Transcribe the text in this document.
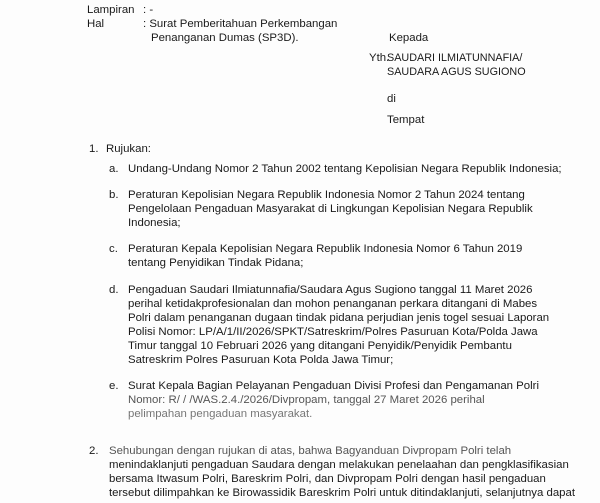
Lampiran : -
Hal	: Surat Pemberitahuan Perkembangan
Penanganan Dumas (SP3D).	Kepada
Yth.
SAUDARI ILMIATUNNAFIA/
SAUDARA AGUS SUGIONO
di
Tempat
1. Rujukan:
a. Undang-Undang Nomor 2 Tahun 2002 tentang Kepolisian Negara Republik Indonesia;
b. Peraturan Kepolisian Negara Republik Indonesia Nomor 2 Tahun 2024 tentang
Pengelolaan Pengaduan Masyarakat di Lingkungan Kepolisian Negara Republik
Indonesia;
c. Peraturan Kepala Kepolisian Negara Republik Indonesia Nomor 6 Tahun 2019
tentang Penyidikan Tindak Pidana;
d. Pengaduan Saudari Ilmiatunnafia/Saudara Agus Sugiono tanggal 11 Maret 2026
perihal ketidakprofesionalan dan mohon penanganan perkara ditangani di Mabes
Polri dalam penanganan dugaan tindak pidana perjudian jenis togel sesuai Laporan
Polisi Nomor: LP/A/1/II/2026/SPKT/Satreskrim/Polres Pasuruan Kota/Polda Jawa
Timur tanggal 10 Februari 2026 yang ditangani Penyidik/Penyidik Pembantu
Satreskrim Polres Pasuruan Kota Polda Jawa Timur;
e. Surat Kepala Bagian Pelayanan Pengaduan Divisi Profesi dan Pengamanan Polri
Nomor: R/ / /WAS.2.4./2026/Divpropam, tanggal 27 Maret 2026 perihal
pelimpahan pengaduan masyarakat.
2. Sehubungan dengan rujukan di atas, bahwa Bagyanduan Divpropam Polri telah
menindaklanjuti pengaduan Saudara dengan melakukan penelaahan dan pengklasifikasian
bersama Itwasum Polri, Bareskrim Polri, dan Divpropam Polri dengan hasil pengaduan
tersebut dilimpahkan ke Birowassidik Bareskrim Polri untuk ditindaklanjuti, selanjutnya dapat
